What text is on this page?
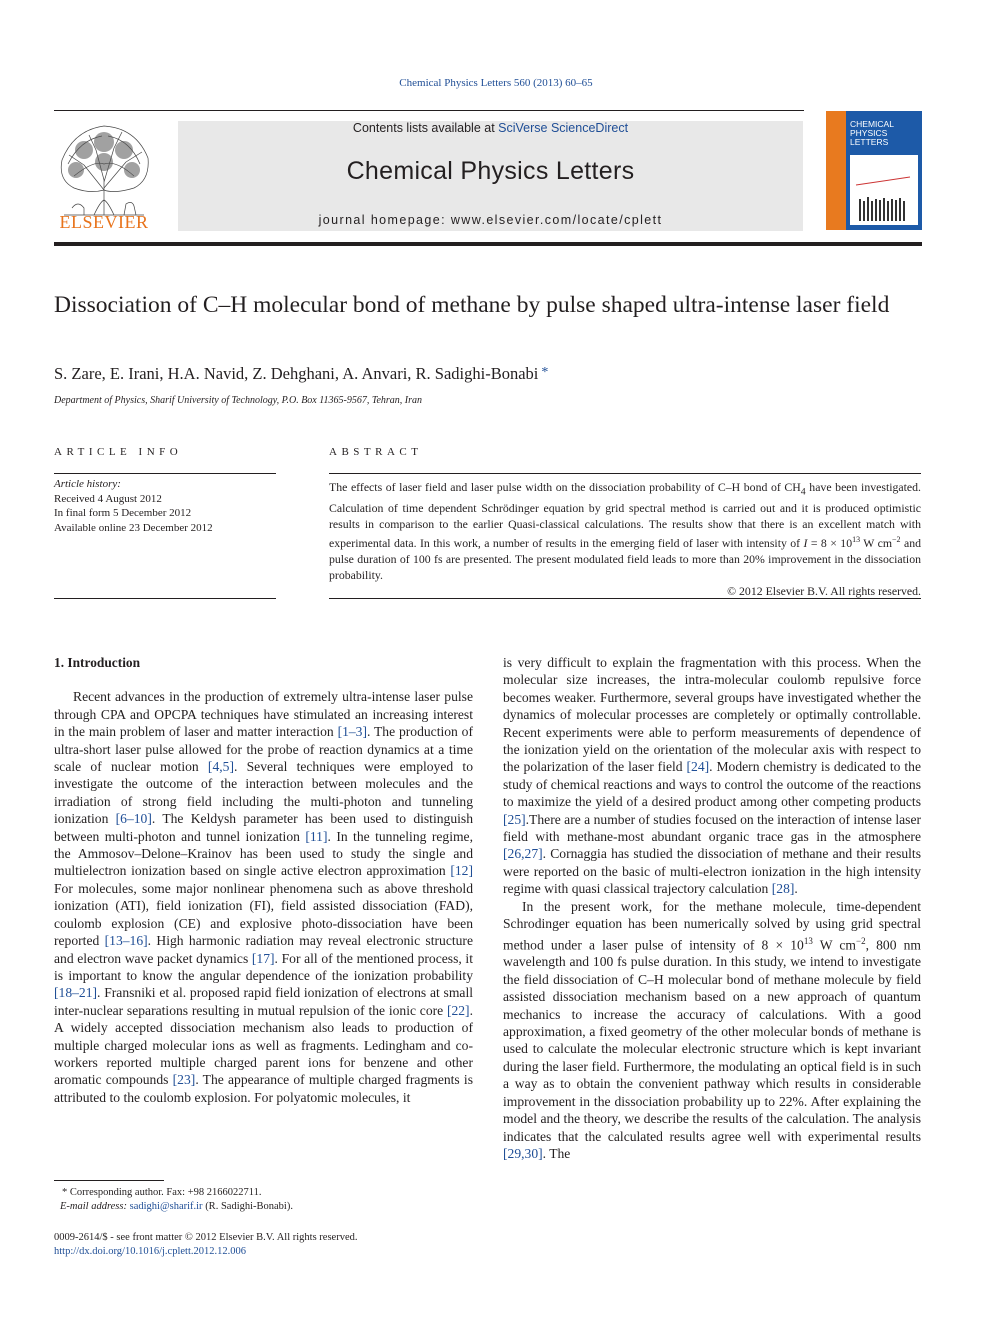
Chemical Physics Letters 560 (2013) 60–65
ELSEVIER
Contents lists available at SciVerse ScienceDirect
Chemical Physics Letters
journal homepage: www.elsevier.com/locate/cplett
CHEMICAL
PHYSICS
LETTERS
Dissociation of C–H molecular bond of methane by pulse shaped ultra-intense laser field
S. Zare, E. Irani, H.A. Navid, Z. Dehghani, A. Anvari, R. Sadighi-Bonabi *
Department of Physics, Sharif University of Technology, P.O. Box 11365-9567, Tehran, Iran
ARTICLE INFO
Article history:
Received 4 August 2012
In final form 5 December 2012
Available online 23 December 2012
ABSTRACT
The effects of laser field and laser pulse width on the dissociation probability of C–H bond of $CH_4$ have been investigated. Calculation of time dependent Schrödinger equation by grid spectral method is carried out and it is produced optimistic results in comparison to the earlier Quasi-classical calculations. The results show that there is an excellent match with experimental data. In this work, a number of results in the emerging field of laser with intensity of $I = 8 \times 10^{13}$ W $cm^{-2}$ and pulse duration of 100 fs are presented. The present modulated field leads to more than 20% improvement in the dissociation probability.
© 2012 Elsevier B.V. All rights reserved.
1. Introduction

Recent advances in the production of extremely ultra-intense laser pulse through CPA and OPCPA techniques have stimulated an increasing interest in the main problem of laser and matter interaction [1–3]. The production of ultra-short laser pulse allowed for the probe of reaction dynamics at a time scale of nuclear motion [4,5]. Several techniques were employed to investigate the outcome of the interaction between molecules and the irradiation of strong field including the multi-photon and tunneling ionization [6–10]. The Keldysh parameter has been used to distinguish between multi-photon and tunnel ionization [11]. In the tunneling regime, the Ammosov–Delone–Krainov has been used to study the single and multielectron ionization based on single active electron approximation [12] For molecules, some major nonlinear phenomena such as above threshold ionization (ATI), field ionization (FI), field assisted dissociation (FAD), coulomb explosion (CE) and explosive photo-dissociation have been reported [13–16]. High harmonic radiation may reveal electronic structure and electron wave packet dynamics [17]. For all of the mentioned process, it is important to know the angular dependence of the ionization probability [18–21]. Fransniki et al. proposed rapid field ionization of electrons at small inter-nuclear separations resulting in mutual repulsion of the ionic core [22]. A widely accepted dissociation mechanism also leads to production of multiple charged molecular ions as well as fragments. Ledingham and co-workers reported multiple charged parent ions for benzene and other aromatic compounds [23]. The appearance of multiple charged fragments is attributed to the coulomb explosion. For polyatomic molecules, it

is very difficult to explain the fragmentation with this process. When the molecular size increases, the intra-molecular coulomb repulsive force becomes weaker. Furthermore, several groups have investigated whether the dynamics of molecular processes are completely or optimally controllable. Recent experiments were able to perform measurements of dependence of the ionization yield on the orientation of the molecular axis with respect to the polarization of the laser field [24]. Modern chemistry is dedicated to the study of chemical reactions and ways to control the outcome of the reactions to maximize the yield of a desired product among other competing products [25].There are a number of studies focused on the interaction of intense laser field with methane-most abundant organic trace gas in the atmosphere [26,27]. Cornaggia has studied the dissociation of methane and their results were reported on the basic of multi-electron ionization in the high intensity regime with quasi classical trajectory calculation [28].

In the present work, for the methane molecule, time-dependent Schrodinger equation has been numerically solved by using grid spectral method under a laser pulse of intensity of $8 \times 10^{13}$ W $cm^{-2}$, 800 nm wavelength and 100 fs pulse duration. In this study, we intend to investigate the field dissociation of C–H molecular bond of methane molecule by field assisted dissociation mechanism based on a new approach of quantum mechanics to increase the accuracy of calculations. With a good approximation, a fixed geometry of the other molecular bonds of methane is used to calculate the molecular electronic structure which is kept invariant during the laser field. Furthermore, the modulating an optical field is in such a way as to obtain the convenient pathway which results in considerable improvement in the dissociation probability up to 22%. After explaining the model and the theory, we describe the results of the calculation. The analysis indicates that the calculated results agree well with experimental results [29,30]. The

* Corresponding author. Fax: +98 2166022711.
E-mail address: sadighi@sharif.ir (R. Sadighi-Bonabi).
0009-2614/$ - see front matter © 2012 Elsevier B.V. All rights reserved.
http://dx.doi.org/10.1016/j.cplett.2012.12.006
